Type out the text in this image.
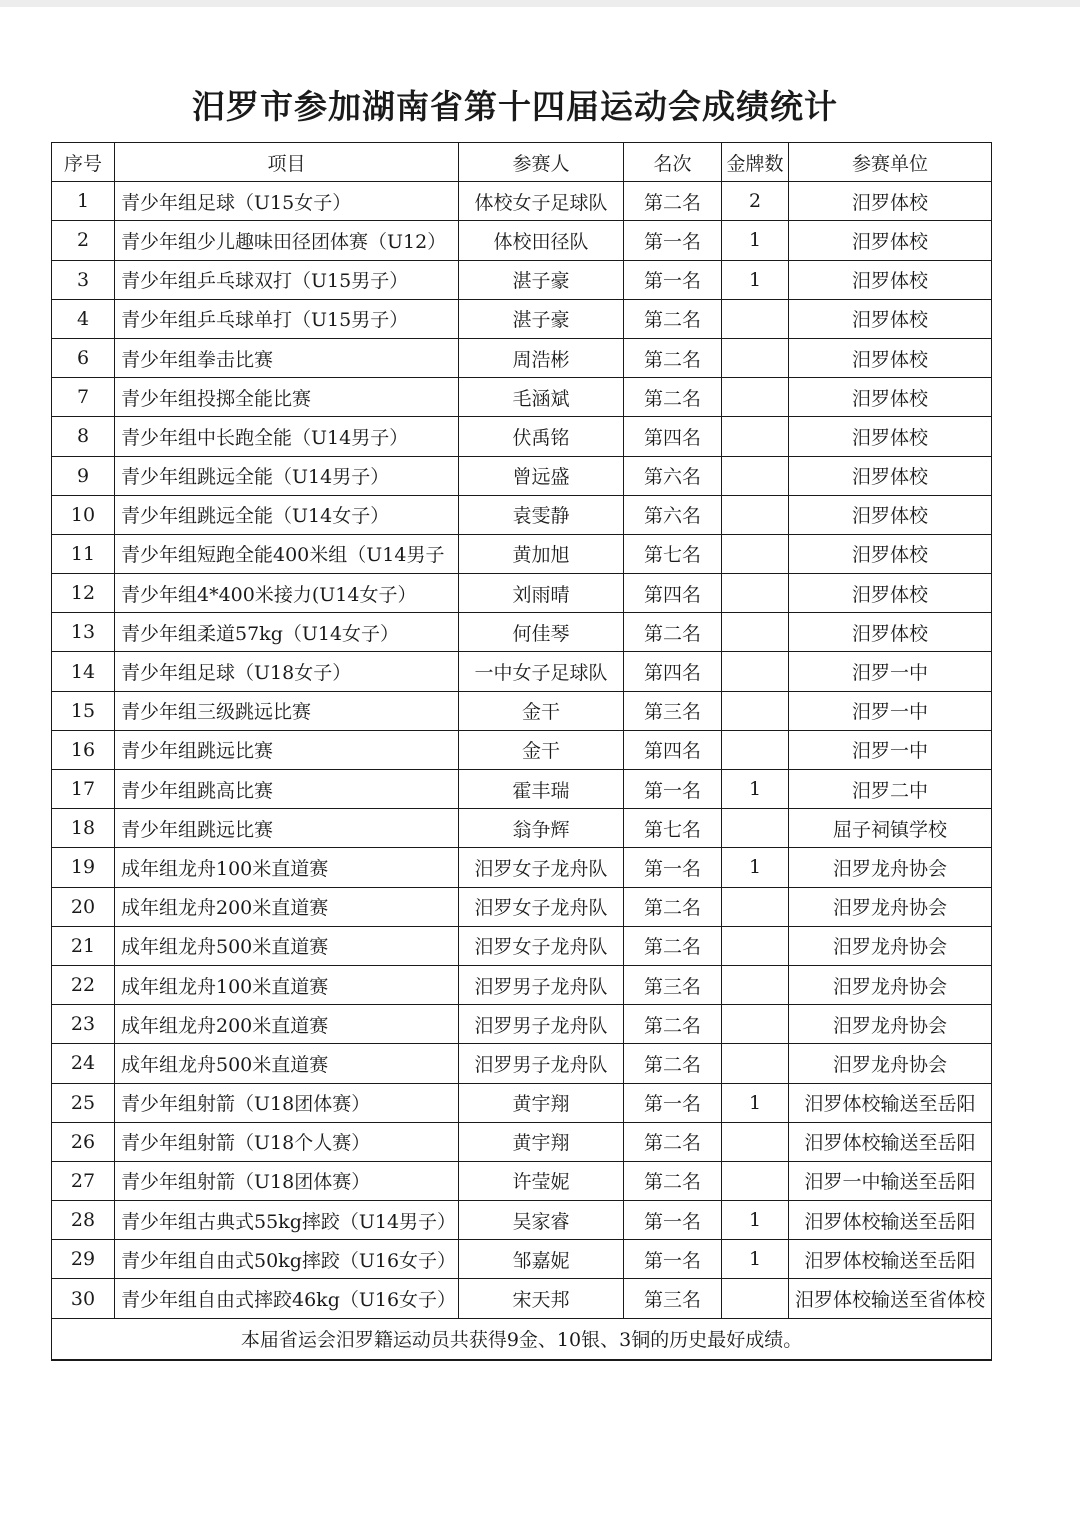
汨罗市参加湖南省第十四届运动会成绩统计
序号	项目	参赛人	名次	金牌数	参赛单位
1	青少年组足球（U15女子）	体校女子足球队	第二名	2	汨罗体校
2	青少年组少儿趣味田径团体赛（U12）	体校田径队	第一名	1	汨罗体校
3	青少年组乒乓球双打（U15男子）	湛子豪	第一名	1	汨罗体校
4	青少年组乒乓球单打（U15男子）	湛子豪	第二名		汨罗体校
6	青少年组拳击比赛	周浩彬	第二名		汨罗体校
7	青少年组投掷全能比赛	毛涵斌	第二名		汨罗体校
8	青少年组中长跑全能（U14男子）	伏禹铭	第四名		汨罗体校
9	青少年组跳远全能（U14男子）	曾远盛	第六名		汨罗体校
10	青少年组跳远全能（U14女子）	袁雯静	第六名		汨罗体校
11	青少年组短跑全能400米组（U14男子	黄加旭	第七名		汨罗体校
12	青少年组4*400米接力(U14女子）	刘雨晴	第四名		汨罗体校
13	青少年组柔道57kg（U14女子）	何佳琴	第二名		汨罗体校
14	青少年组足球（U18女子）	一中女子足球队	第四名		汨罗一中
15	青少年组三级跳远比赛	金干	第三名		汨罗一中
16	青少年组跳远比赛	金干	第四名		汨罗一中
17	青少年组跳高比赛	霍丰瑞	第一名	1	汨罗二中
18	青少年组跳远比赛	翁争辉	第七名		屈子祠镇学校
19	成年组龙舟100米直道赛	汨罗女子龙舟队	第一名	1	汨罗龙舟协会
20	成年组龙舟200米直道赛	汨罗女子龙舟队	第二名		汨罗龙舟协会
21	成年组龙舟500米直道赛	汨罗女子龙舟队	第二名		汨罗龙舟协会
22	成年组龙舟100米直道赛	汨罗男子龙舟队	第三名		汨罗龙舟协会
23	成年组龙舟200米直道赛	汨罗男子龙舟队	第二名		汨罗龙舟协会
24	成年组龙舟500米直道赛	汨罗男子龙舟队	第二名		汨罗龙舟协会
25	青少年组射箭（U18团体赛）	黄宇翔	第一名	1	汨罗体校输送至岳阳
26	青少年组射箭（U18个人赛）	黄宇翔	第二名		汨罗体校输送至岳阳
27	青少年组射箭（U18团体赛）	许莹妮	第二名		汨罗一中输送至岳阳
28	青少年组古典式55kg摔跤（U14男子）	吴家睿	第一名	1	汨罗体校输送至岳阳
29	青少年组自由式50kg摔跤（U16女子）	邹嘉妮	第一名	1	汨罗体校输送至岳阳
30	青少年组自由式摔跤46kg（U16女子）	宋天邦	第三名		汨罗体校输送至省体校
本届省运会汨罗籍运动员共获得9金、10银、3铜的历史最好成绩。					
